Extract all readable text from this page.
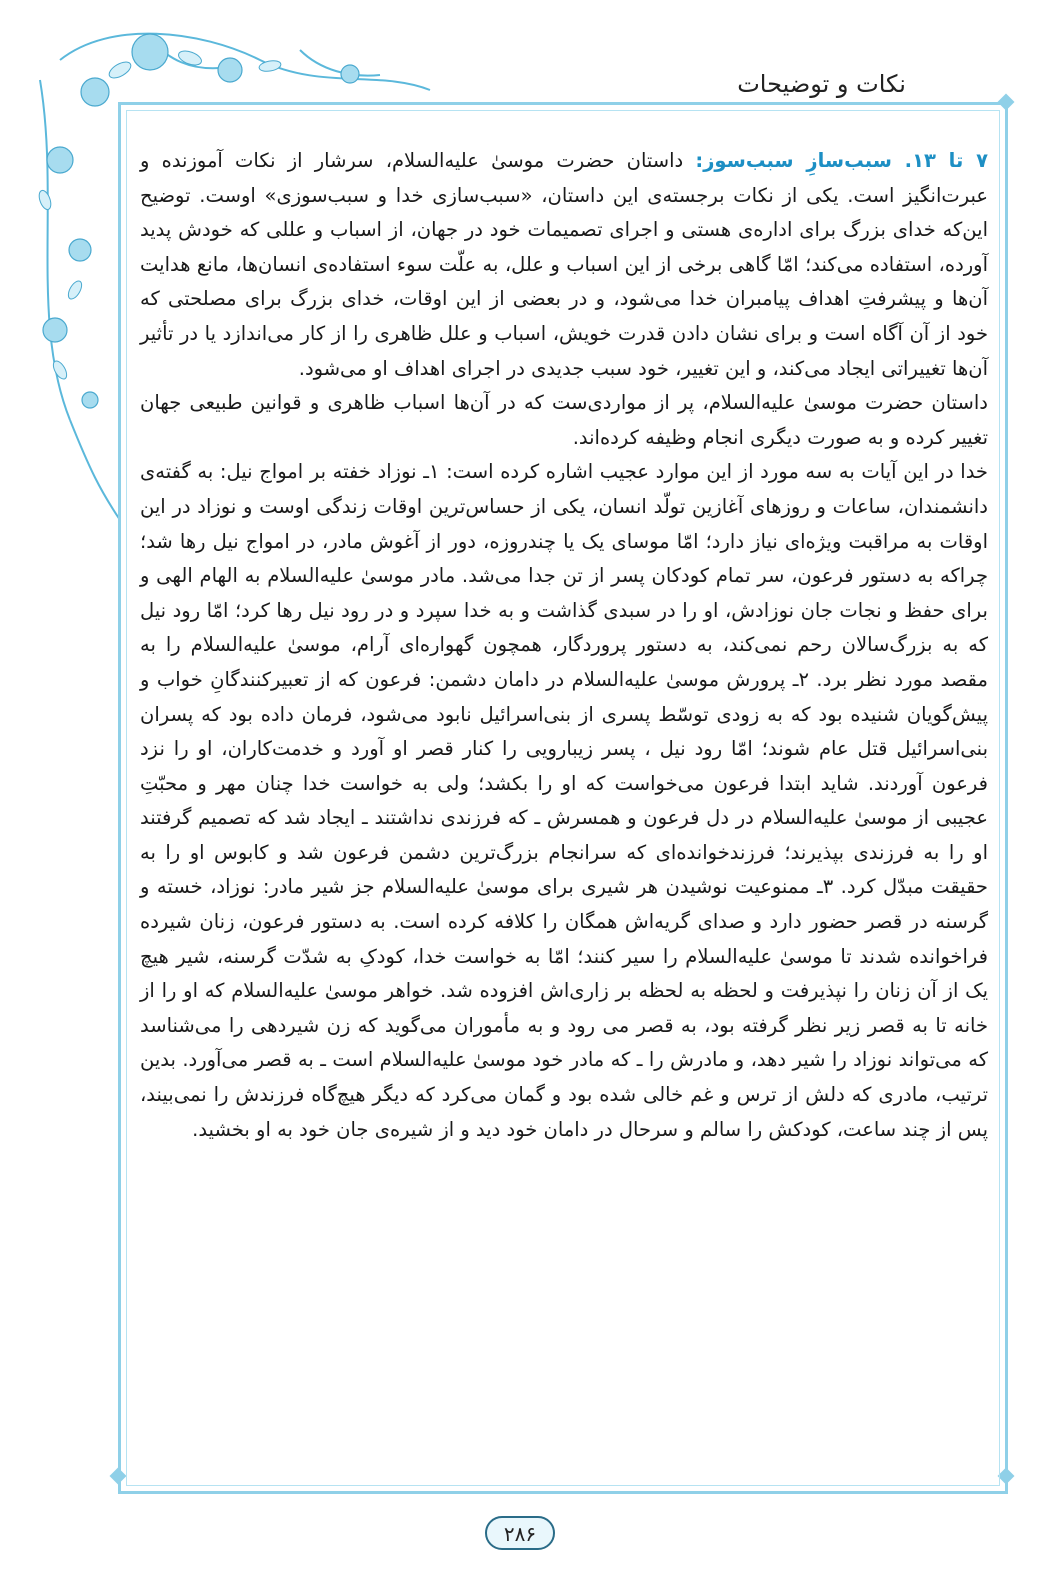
نکات و توضیحات

۷ تا ۱۳. سبب‌سازِ سبب‌سوز: داستان حضرت موسیٰ علیه‌السلام، سرشار از نکات آموزنده و عبرت‌انگیز است. یکی از نکات برجسته‌ی این داستان، «سبب‌سازی خدا و سبب‌سوزی» اوست. توضیح این‌که خدای بزرگ برای اداره‌ی هستی و اجرای تصمیمات خود در جهان، از اسباب و عللی که خودش پدید آورده، استفاده می‌کند؛ امّا گاهی برخی از این اسباب و علل، به علّت سوء استفاده‌ی انسان‌ها، مانع هدایت آن‌ها و پیشرفتِ اهداف پیامبران خدا می‌شود، و در بعضی از این اوقات، خدای بزرگ برای مصلحتی که خود از آن آگاه است و برای نشان دادن قدرت خویش، اسباب و علل ظاهری را از کار می‌اندازد یا در تأثیر آن‌ها تغییراتی ایجاد می‌کند، و این تغییر، خود سبب جدیدی در اجرای اهداف او می‌شود.

داستان حضرت موسیٰ علیه‌السلام، پر از مواردی‌ست که در آن‌ها اسباب ظاهری و قوانین طبیعی جهان تغییر کرده و به صورت دیگری انجام وظیفه کرده‌اند.

خدا در این آیات به سه مورد از این موارد عجیب اشاره کرده است: ۱ـ نوزاد خفته بر امواج نیل: به گفته‌ی دانشمندان، ساعات و روزهای آغازین تولّد انسان، یکی از حساس‌ترین اوقات زندگی اوست و نوزاد در این اوقات به مراقبت ویژه‌ای نیاز دارد؛ امّا موسای یک یا چندروزه، دور از آغوش مادر، در امواج نیل رها شد؛ چراکه به دستور فرعون، سر تمام کودکان پسر از تن جدا می‌شد. مادر موسیٰ علیه‌السلام به الهام الهی و برای حفظ و نجات جان نوزادش، او را در سبدی گذاشت و به خدا سپرد و در رود نیل رها کرد؛ امّا رود نیل که به بزرگ‌سالان رحم نمی‌کند، به دستور پروردگار، همچون گهواره‌ای آرام، موسیٰ علیه‌السلام را به مقصد مورد نظر برد. ۲ـ پرورش موسیٰ علیه‌السلام در دامان دشمن: فرعون که از تعبیرکنندگانِ خواب و پیش‌گویان شنیده بود که به زودی توسّط پسری از بنی‌اسرائیل نابود می‌شود، فرمان داده بود که پسران بنی‌اسرائیل قتل عام شوند؛ امّا رود نیل ، پسر زیبارویی را کنار قصر او آورد و خدمت‌کاران، او را نزد فرعون آوردند. شاید ابتدا فرعون می‌خواست که او را بکشد؛ ولی به خواست خدا چنان مهر و محبّتِ عجیبی از موسیٰ علیه‌السلام در دل فرعون و همسرش ـ که فرزندی نداشتند ـ ایجاد شد که تصمیم گرفتند او را به فرزندی بپذیرند؛ فرزندخوانده‌ای که سرانجام بزرگ‌ترین دشمن فرعون شد و کابوس او را به حقیقت مبدّل کرد. ۳ـ ممنوعیت نوشیدن هر شیری برای موسیٰ علیه‌السلام جز شیر مادر: نوزاد، خسته و گرسنه در قصر حضور دارد و صدای گریه‌اش همگان را کلافه کرده است. به دستور فرعون، زنان شیرده فراخوانده شدند تا موسیٰ علیه‌السلام را سیر کنند؛ امّا به خواست خدا، کودکِ به شدّت گرسنه، شیر هیچ یک از آن زنان را نپذیرفت و لحظه به لحظه بر زاری‌اش افزوده شد. خواهر موسیٰ علیه‌السلام که او را از خانه تا به قصر زیر نظر گرفته بود، به قصر می رود و به مأموران می‌گوید که زن شیردهی را می‌شناسد که می‌تواند نوزاد را شیر دهد، و مادرش را ـ که مادر خود موسیٰ علیه‌السلام است ـ به قصر می‌آورد. بدین ترتیب، مادری که دلش از ترس و غم خالی شده بود و گمان می‌کرد که دیگر هیچ‌گاه فرزندش را نمی‌بیند، پس از چند ساعت، کودکش را سالم و سرحال در دامان خود دید و از شیره‌ی جان خود به او بخشید.

۲۸۶
